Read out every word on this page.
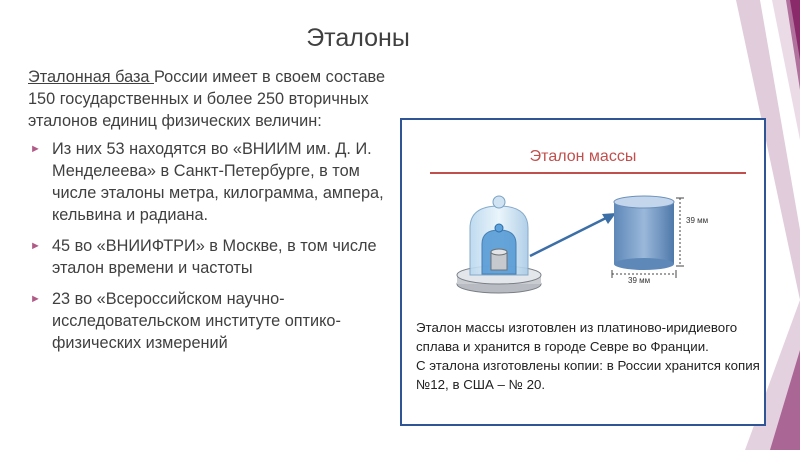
Эталоны

Эталонная база России имеет в своем составе 150 государственных и более 250 вторичных эталонов единиц физических величин:

► Из них 53 находятся во «ВНИИМ им. Д. И. Менделеева» в Санкт-Петербурге, в том числе эталоны метра, килограмма, ампера, кельвина и радиана.
► 45 во «ВНИИФТРИ» в Москве, в том числе эталон времени и частоты
► 23 во «Всероссийском научно-исследовательском институте оптико-физических измерений
Эталон массы
39 мм
39 мм
Эталон массы изготовлен из платиново-иридиевого
сплава и хранится в городе Севре во Франции.
С эталона изготовлены копии: в России хранится копия
№12, в США – № 20.
